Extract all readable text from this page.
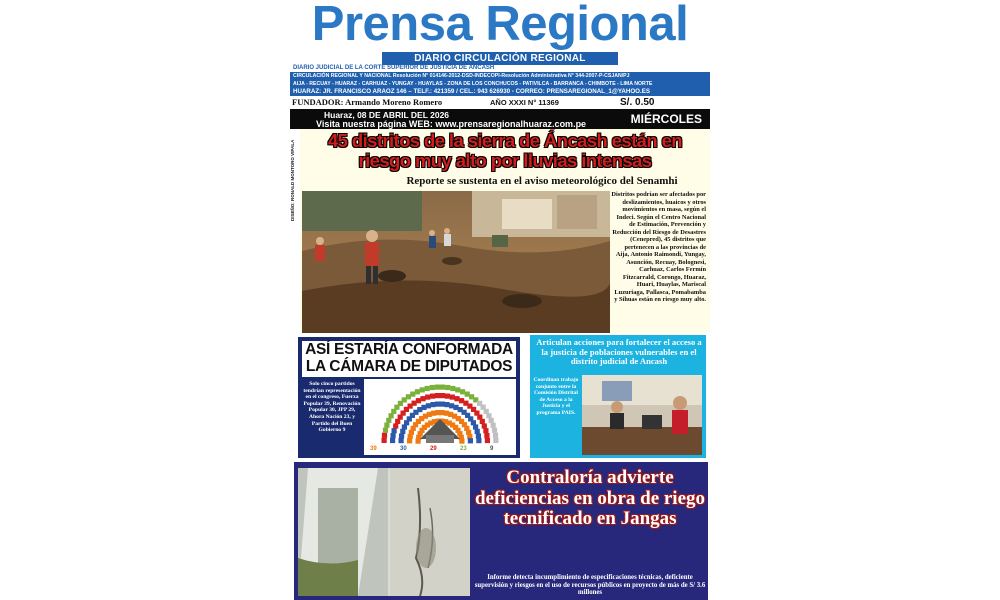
Prensa Regional
DIARIO CIRCULACIÓN REGIONAL
DIARIO JUDICIAL DE LA CORTE SUPERIOR DE JUSTICIA DE ANCASH
CIRCULACIÓN REGIONAL Y NACIONAL Resolución N° 014146-2012-DSD-INDECOPI-Resolución Administrativa N° 344-2007-P-CSJAN/PJ
AIJA - RECUAY - HUARAZ - CARHUAZ - YUNGAY - HUAYLAS - ZONA DE LOS CONCHUCOS - PATIVILCA - BARRANCA - CHIMBOTE - LIMA NORTE
HUARAZ: JR. FRANCISCO ARAOZ 146 – TELF.: 421359 / CEL.: 943 626930 - CORREO: PRENSAREGIONAL_1@YAHOO.ES
FUNDADOR: Armando Moreno Romero	AÑO XXXI N° 11369	S/. 0.50
Huaraz, 08 DE ABRIL DEL 2026
Visita nuestra página WEB: www.prensaregionalhuaraz.com.pe	MIÉRCOLES
DISEÑO: RONALD MONTORO VIPALA	45 distritos de la sierra de Áncash están en riesgo muy alto por lluvias intensas
Reporte se sustenta en el aviso meteorológico del Senamhi
Distritos podrían ser afectados por deslizamientos, huaicos y otros movimientos en masa, según el Indeci. Según el Centro Nacional de Estimación, Prevención y Reducción del Riesgo de Desastres (Cenepred), 45 distritos que pertenecen a las provincias de Aija, Antonio Raimondi, Yungay, Asunción, Recuay, Bolognesi, Carhuaz, Carlos Fermín Fitzcarrald, Corongo, Huaraz, Huari, Huaylas, Mariscal Luzuriaga, Pallasca, Pomabamba y Sihuas están en riesgo muy alto.
ASÍ ESTARÍA CONFORMADA LA CÁMARA DE DIPUTADOS
Solo cinco partidos tendrían representación en el congreso, Fuerza Popular 39, Renovación Popular 30, JPP 29, Ahora Nación 23, y Partido del Buen Gobierno 9
39	30	29	23	9
Articulan acciones para fortalecer el acceso a la justicia de poblaciones vulnerables en el distrito judicial de Ancash
Coordinan trabajo conjunto entre la Comisión Distrital de Acceso a la Justicia y el programa PAIS.
Contraloría advierte deficiencias en obra de riego tecnificado en Jangas
Informe detecta incumplimiento de especificaciones técnicas, deficiente supervisión y riesgos en el uso de recursos públicos en proyecto de más de S/ 3.6 millones
